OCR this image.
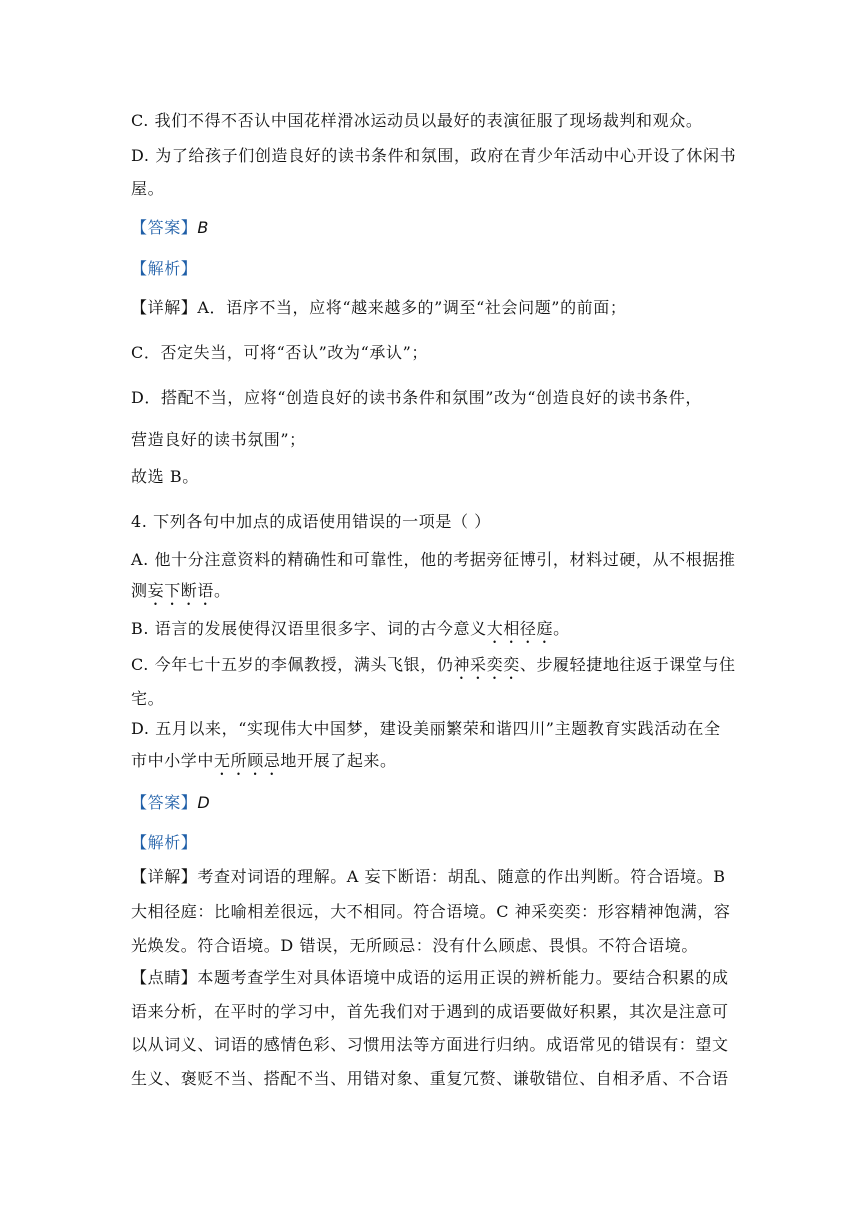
C. 我们不得不否认中国花样滑冰运动员以最好的表演征服了现场裁判和观众。
D. 为了给孩子们创造良好的读书条件和氛围，政府在青少年活动中心开设了休闲书
屋。
【答案】B
【解析】
【详解】A．语序不当，应将“越来越多的”调至“社会问题”的前面；
C．否定失当，可将“否认”改为“承认”；
D．搭配不当，应将“创造良好的读书条件和氛围”改为“创造良好的读书条件，
营造良好的读书氛围”；
故选 B。
4. 下列各句中加点的成语使用错误的一项是（ ）
A. 他十分注意资料的精确性和可靠性，他的考据旁征博引，材料过硬，从不根据推
测妄下断语。
B. 语言的发展使得汉语里很多字、词的古今意义大相径庭。
C. 今年七十五岁的李佩教授，满头飞银，仍神采奕奕、步履轻捷地往返于课堂与住
宅。
D. 五月以来，“实现伟大中国梦，建设美丽繁荣和谐四川”主题教育实践活动在全
市中小学中无所顾忌地开展了起来。
【答案】D
【解析】
【详解】考查对词语的理解。A 妄下断语：胡乱、随意的作出判断。符合语境。B
大相径庭：比喻相差很远，大不相同。符合语境。C 神采奕奕：形容精神饱满，容
光焕发。符合语境。D 错误，无所顾忌：没有什么顾虑、畏惧。不符合语境。
【点睛】本题考查学生对具体语境中成语的运用正误的辨析能力。要结合积累的成
语来分析，在平时的学习中，首先我们对于遇到的成语要做好积累，其次是注意可
以从词义、词语的感情色彩、习惯用法等方面进行归纳。成语常见的错误有：望文
生义、褒贬不当、搭配不当、用错对象、重复冗赘、谦敬错位、自相矛盾、不合语
